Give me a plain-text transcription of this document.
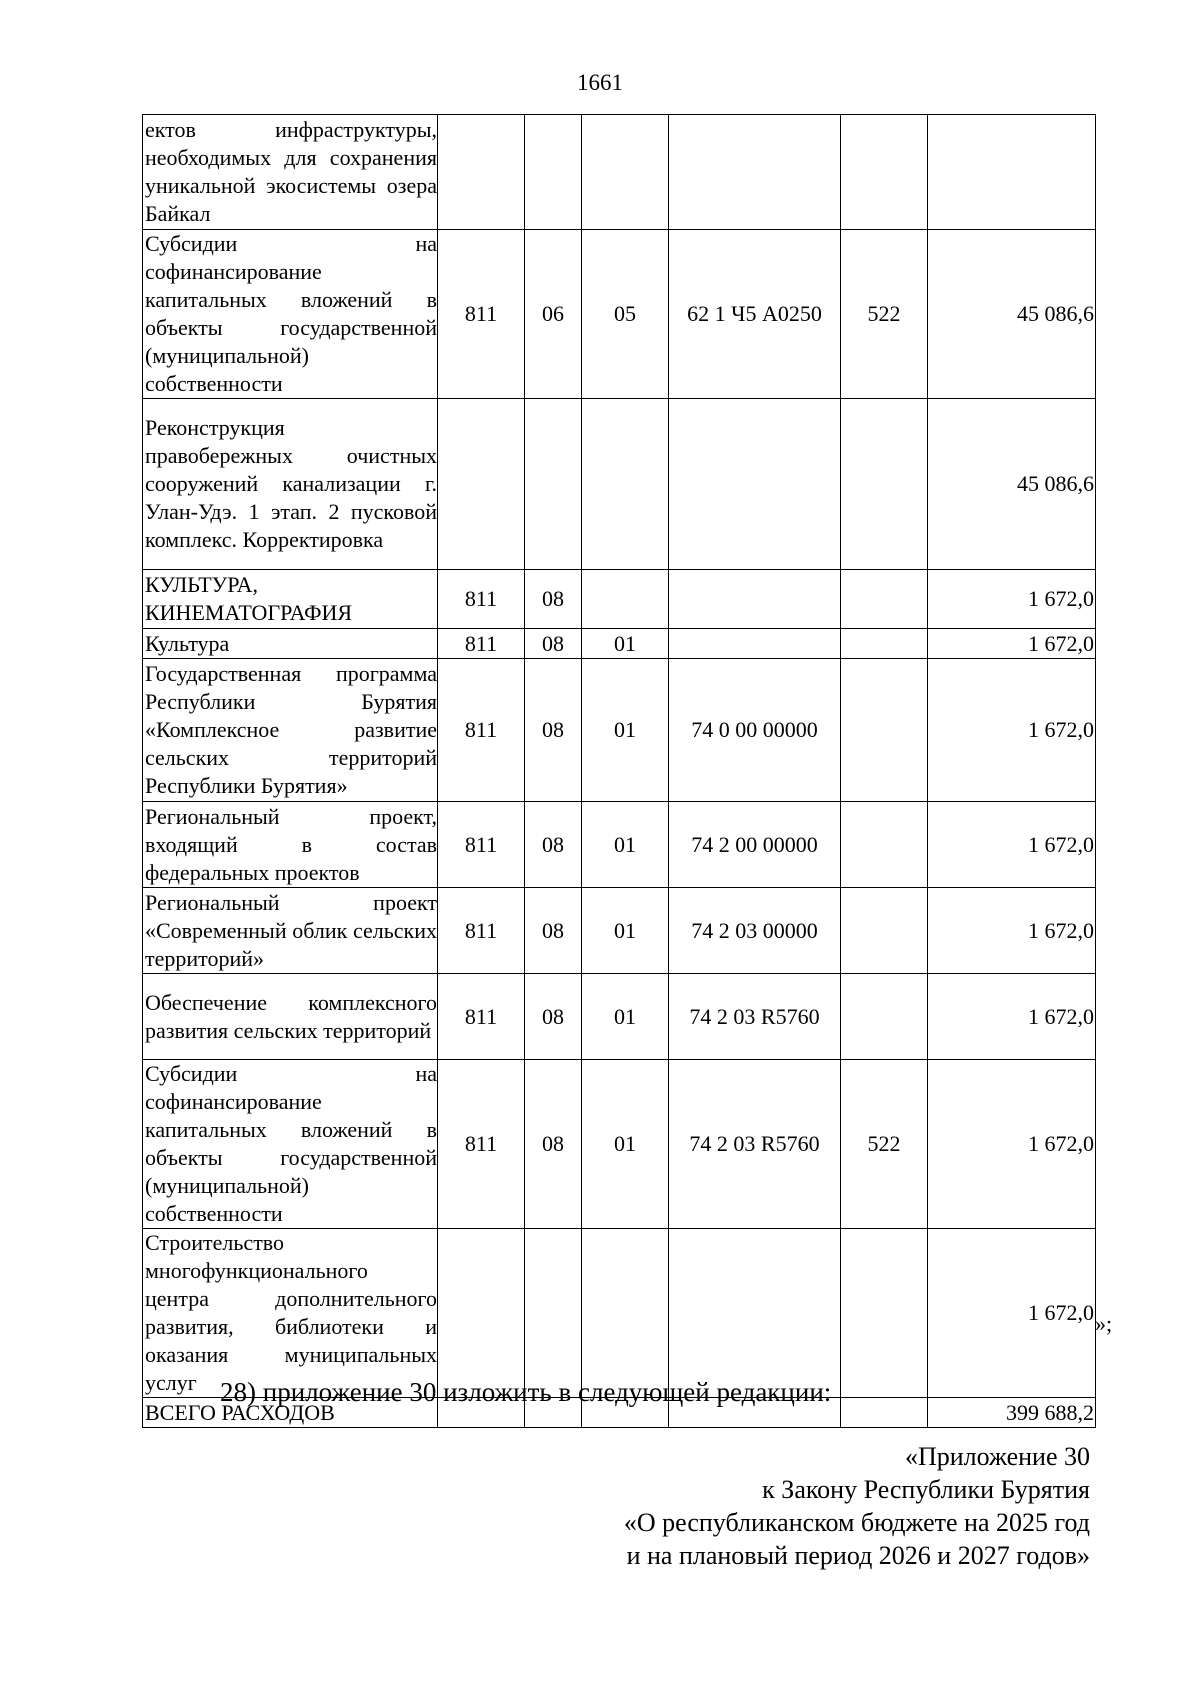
1661
ектов инфраструктуры, необходимых для сохранения уникальной экосистемы озера Байкал						
Субсидии на софинансирование капитальных вложений в объекты государственной (муниципальной) собственности	811	06	05	62 1 Ч5 А0250	522	45 086,6
Реконструкция правобережных очистных сооружений канализации г. Улан-Удэ. 1 этап. 2 пусковой комплекс. Корректировка						45 086,6
КУЛЬТУРА, КИНЕМАТОГРАФИЯ	811	08				1 672,0
Культура	811	08	01			1 672,0
Государственная программа Республики Бурятия «Комплексное развитие сельских территорий Республики Бурятия»	811	08	01	74 0 00 00000		1 672,0
Региональный проект, входящий в состав федеральных проектов	811	08	01	74 2 00 00000		1 672,0
Региональный проект «Современный облик сельских территорий»	811	08	01	74 2 03 00000		1 672,0
Обеспечение комплексного развития сельских территорий	811	08	01	74 2 03 R5760		1 672,0
Субсидии на софинансирование капитальных вложений в объекты государственной (муниципальной) собственности	811	08	01	74 2 03 R5760	522	1 672,0
Строительство многофункционального центра дополнительного развития, библиотеки и оказания муниципальных услуг						1 672,0
ВСЕГО РАСХОДОВ						399 688,2
»;
28) приложение 30 изложить в следующей редакции:
«Приложение 30
к Закону Республики Бурятия
«О республиканском бюджете на 2025 год
и на плановый период 2026 и 2027 годов»
